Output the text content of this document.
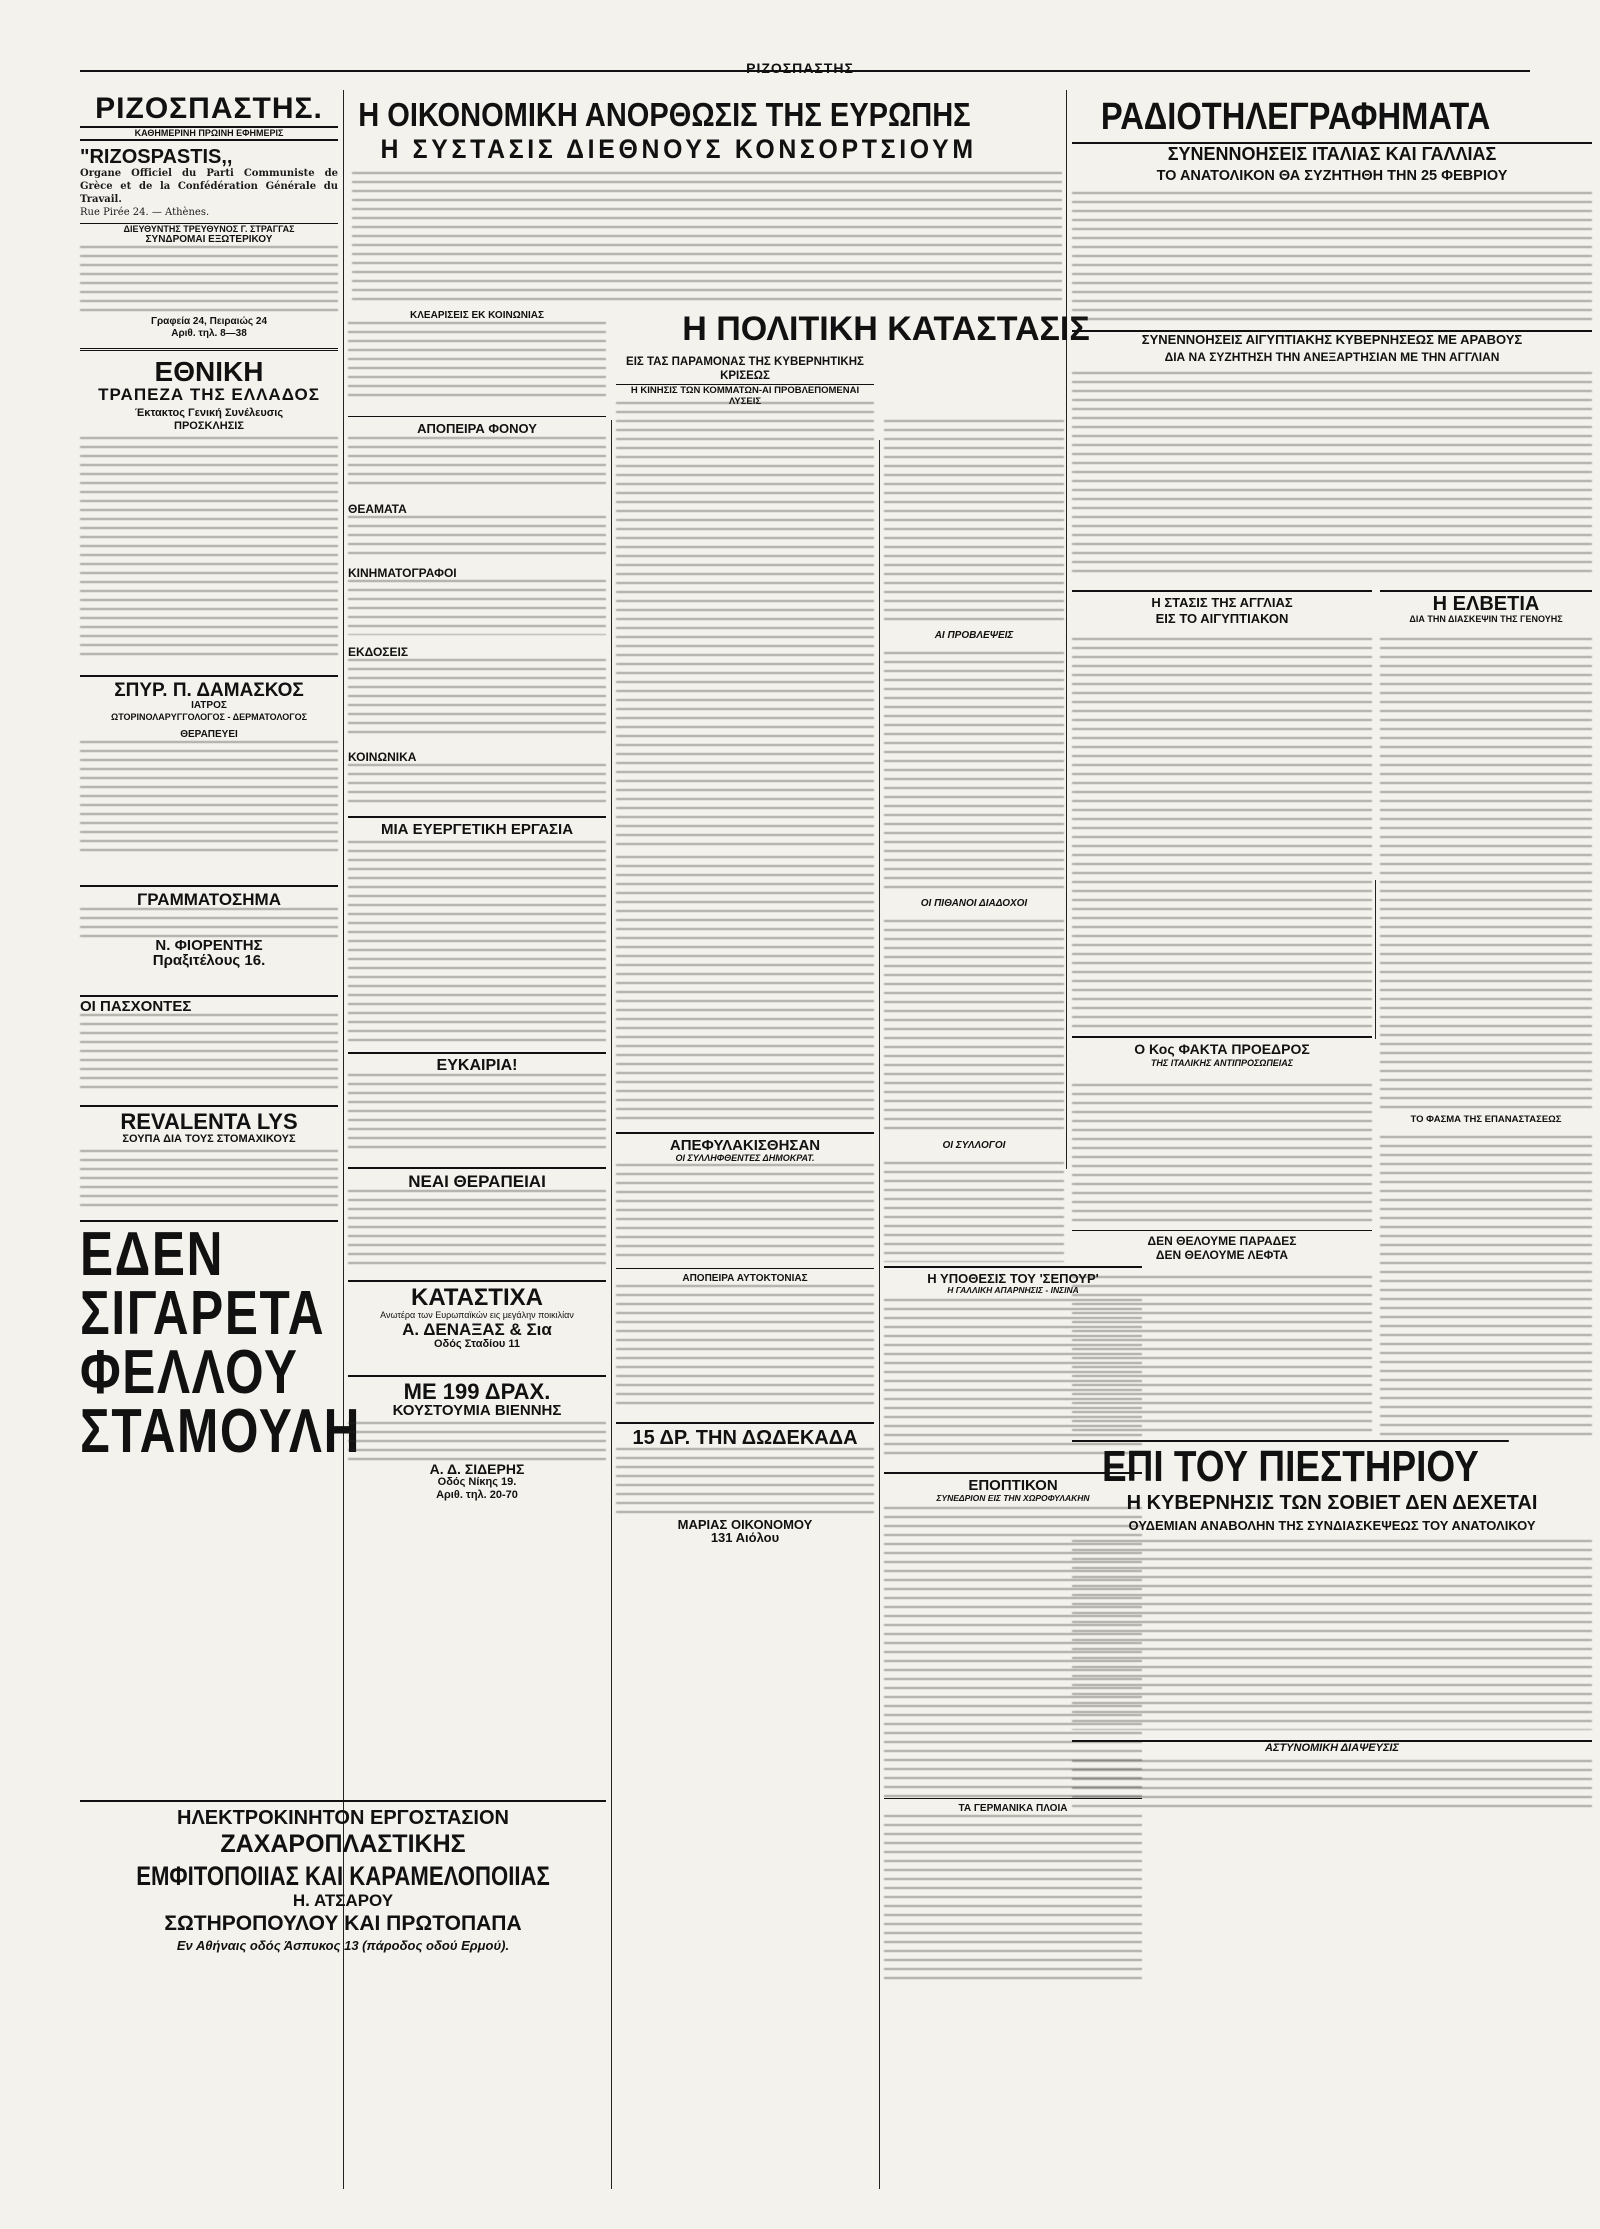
ΡΙΖΟΣΠΑΣΤΗΣ
ΡΙΖΟΣΠΑΣΤΗΣ.
ΚΑΘΗΜΕΡΙΝΗ ΠΡΩΙΝΗ ΕΦΗΜΕΡΙΣ
"RIZOSPASTIS,,
Organe Officiel du Parti Communiste de Grèce et de la Confédération Générale du Travail.
Rue Pirée 24. — Athènes.
ΔΙΕΥΘΥΝΤΗΣ ΤΡΕΥΘΥΝΟΣ Γ. ΣΤΡΑΓΓΑΣ
ΣΥΝΔΡΟΜΑΙ ΕΞΩΤΕΡΙΚΟΥ
Γραφεία 24, Πειραιώς 24
Αριθ. τηλ. 8—38
ΕΘΝΙΚΗ
ΤΡΑΠΕΖΑ ΤΗΣ ΕΛΛΑΔΟΣ
Έκτακτος Γενική Συνέλευσις
ΠΡΟΣΚΛΗΣΙΣ
ΣΠΥΡ. Π. ΔΑΜΑΣΚΟΣ
ΙΑΤΡΟΣ
ΩΤΟΡΙΝΟΛΑΡΥΓΓΟΛΟΓΟΣ - ΔΕΡΜΑΤΟΛΟΓΟΣ
ΘΕΡΑΠΕΥΕΙ
ΓΡΑΜΜΑΤΟΣΗΜΑ
Ν. ΦΙΟΡΕΝΤΗΣ
Πραξιτέλους 16.
ΟΙ ΠΑΣΧΟΝΤΕΣ
REVALENTA LYS
ΣΟΥΠΑ ΔΙΑ ΤΟΥΣ ΣΤΟΜΑΧΙΚΟΥΣ
ΕΔΕΝ
ΣΙΓΑΡΕΤΑ
ΦΕΛΛΟΥ
ΣΤΑΜΟΥΛΗ
Η ΟΙΚΟΝΟΜΙΚΗ ΑΝΟΡΘΩΣΙΣ ΤΗΣ ΕΥΡΩΠΗΣ
Η ΣΥΣΤΑΣΙΣ ΔΙΕΘΝΟΥΣ ΚΟΝΣΟΡΤΣΙΟΥΜ
ΚΛΕΑΡΙΣΕΙΣ ΕΚ ΚΟΙΝΩΝΙΑΣ
ΑΠΟΠΕΙΡΑ ΦΟΝΟΥ
ΘΕΑΜΑΤΑ
ΚΙΝΗΜΑΤΟΓΡΑΦΟΙ
ΕΚΔΟΣΕΙΣ
ΚΟΙΝΩΝΙΚΑ
ΜΙΑ ΕΥΕΡΓΕΤΙΚΗ ΕΡΓΑΣΙΑ
ΕΥΚΑΙΡΙΑ!
ΝΕΑΙ ΘΕΡΑΠΕΙΑΙ
ΚΑΤΑΣΤΙΧΑ
Ανωτέρα των Ευρωπαϊκών εις μεγάλην ποικιλίαν
Α. ΔΕΝΑΞΑΣ & Σια
Οδός Σταδίου 11
ΜΕ 199 ΔΡΑΧ.
ΚΟΥΣΤΟΥΜΙΑ ΒΙΕΝΝΗΣ
Α. Δ. ΣΙΔΕΡΗΣ
Οδός Νίκης 19.
Αριθ. τηλ. 20-70
Η ΠΟΛΙΤΙΚΗ ΚΑΤΑΣΤΑΣΙΣ
ΕΙΣ ΤΑΣ ΠΑΡΑΜΟΝΑΣ ΤΗΣ ΚΥΒΕΡΝΗΤΙΚΗΣ ΚΡΙΣΕΩΣ
Η ΚΙΝΗΣΙΣ ΤΩΝ ΚΟΜΜΑΤΩΝ-ΑΙ ΠΡΟΒΛΕΠΟΜΕΝΑΙ ΛΥΣΕΙΣ
ΑΠΕΦΥΛΑΚΙΣΘΗΣΑΝ
ΟΙ ΣΥΛΛΗΦΘΕΝΤΕΣ ΔΗΜΟΚΡΑΤ.
ΑΠΟΠΕΙΡΑ ΑΥΤΟΚΤΟΝΙΑΣ
15 ΔΡ. ΤΗΝ ΔΩΔΕΚΑΔΑ
ΜΑΡΙΑΣ ΟΙΚΟΝΟΜΟΥ
131 Αιόλου
ΑΙ ΠΡΟΒΛΕΨΕΙΣ
ΟΙ ΠΙΘΑΝΟΙ ΔΙΑΔΟΧΟΙ
ΟΙ ΣΥΛΛΟΓΟΙ
Η ΥΠΟΘΕΣΙΣ ΤΟΥ 'ΣΕΠΟΥΡ'
Η ΓΑΛΛΙΚΗ ΑΠΑΡΝΗΣΙΣ - ΙΝΣΙΝΑ
ΕΠΟΠΤΙΚΟΝ
ΣΥΝΕΔΡΙΟΝ ΕΙΣ ΤΗΝ ΧΩΡΟΦΥΛΑΚΗΝ
ΤΑ ΓΕΡΜΑΝΙΚΑ ΠΛΟΙΑ
ΡΑΔΙΟΤΗΛΕΓΡΑΦΗΜΑΤΑ
ΣΥΝΕΝΝΟΗΣΕΙΣ ΙΤΑΛΙΑΣ ΚΑΙ ΓΑΛΛΙΑΣ
ΤΟ ΑΝΑΤΟΛΙΚΟΝ ΘΑ ΣΥΖΗΤΗΘΗ ΤΗΝ 25 ΦΕΒΡΙΟΥ
ΣΥΝΕΝΝΟΗΣΕΙΣ ΑΙΓΥΠΤΙΑΚΗΣ ΚΥΒΕΡΝΗΣΕΩΣ ΜΕ ΑΡΑΒΟΥΣ
ΔΙΑ ΝΑ ΣΥΖΗΤΗΣΗ ΤΗΝ ΑΝΕΞΑΡΤΗΣΙΑΝ ΜΕ ΤΗΝ ΑΓΓΛΙΑΝ
Η ΣΤΑΣΙΣ ΤΗΣ ΑΓΓΛΙΑΣ
ΕΙΣ ΤΟ ΑΙΓΥΠΤΙΑΚΟΝ
Ο Κος ΦΑΚΤΑ ΠΡΟΕΔΡΟΣ
ΤΗΣ ΙΤΑΛΙΚΗΣ ΑΝΤΙΠΡΟΣΩΠΕΙΑΣ
ΔΕΝ ΘΕΛΟΥΜΕ ΠΑΡΑΔΕΣ
ΔΕΝ ΘΕΛΟΥΜΕ ΛΕΦΤΑ
Η ΕΛΒΕΤΙΑ
ΔΙΑ ΤΗΝ ΔΙΑΣΚΕΨΙΝ ΤΗΣ ΓΕΝΟΥΗΣ
ΤΟ ΦΑΣΜΑ ΤΗΣ ΕΠΑΝΑΣΤΑΣΕΩΣ
ΕΠΙ ΤΟΥ ΠΙΕΣΤΗΡΙΟΥ
Η ΚΥΒΕΡΝΗΣΙΣ ΤΩΝ ΣΟΒΙΕΤ ΔΕΝ ΔΕΧΕΤΑΙ
ΟΥΔΕΜΙΑΝ ΑΝΑΒΟΛΗΝ ΤΗΣ ΣΥΝΔΙΑΣΚΕΨΕΩΣ ΤΟΥ ΑΝΑΤΟΛΙΚΟΥ
ΑΣΤΥΝΟΜΙΚΗ ΔΙΑΨΕΥΣΙΣ
ΗΛΕΚΤΡΟΚΙΝΗΤΟΝ ΕΡΓΟΣΤΑΣΙΟΝ
ΖΑΧΑΡΟΠΛΑΣΤΙΚΗΣ
ΕΜΦΙΤΟΠΟΙΙΑΣ ΚΑΙ ΚΑΡΑΜΕΛΟΠΟΙΙΑΣ
Η. ΑΤΣΑΡΟΥ
ΣΩΤΗΡΟΠΟΥΛΟΥ ΚΑΙ ΠΡΩΤΟΠΑΠΑ
Εν Αθήναις οδός Άσπυκος 13 (πάροδος οδού Ερμού).
